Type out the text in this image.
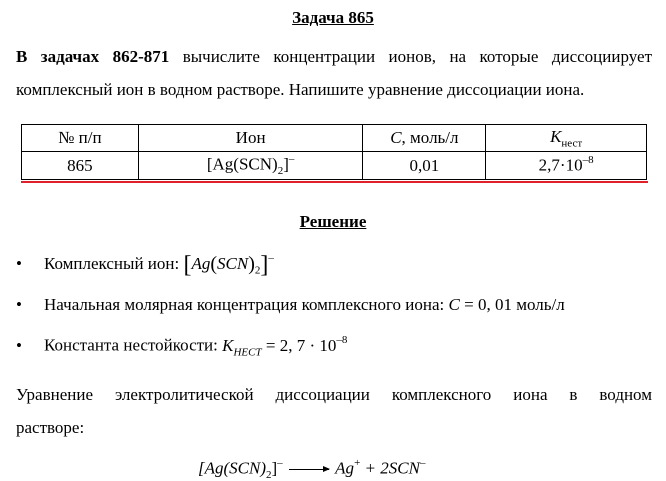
Задача 865
В задачах 862-871 вычислите концентрации ионов, на которые диссоциирует комплексный ион в водном растворе. Напишите уравнение диссоциации иона.
№ п/п	Ион	C, моль/л	$K_{нест}$
865	$[Ag(SCN)_2]^-$	0,01	$2,7\cdot 10^{-8}$
Решение
• Комплексный ион: $[Ag(SCN)_2]^-$
• Начальная молярная концентрация комплексного иона: C = 0, 01 моль/л
• Константа нестойкости: $K_{НЕСТ} = 2$, $7 \cdot 10^{-8}$
Уравнение электролитической диссоциации комплексного иона в водном
растворе:
$[Ag(SCN)_2]^- \to Ag^+ + 2SCN^-$
